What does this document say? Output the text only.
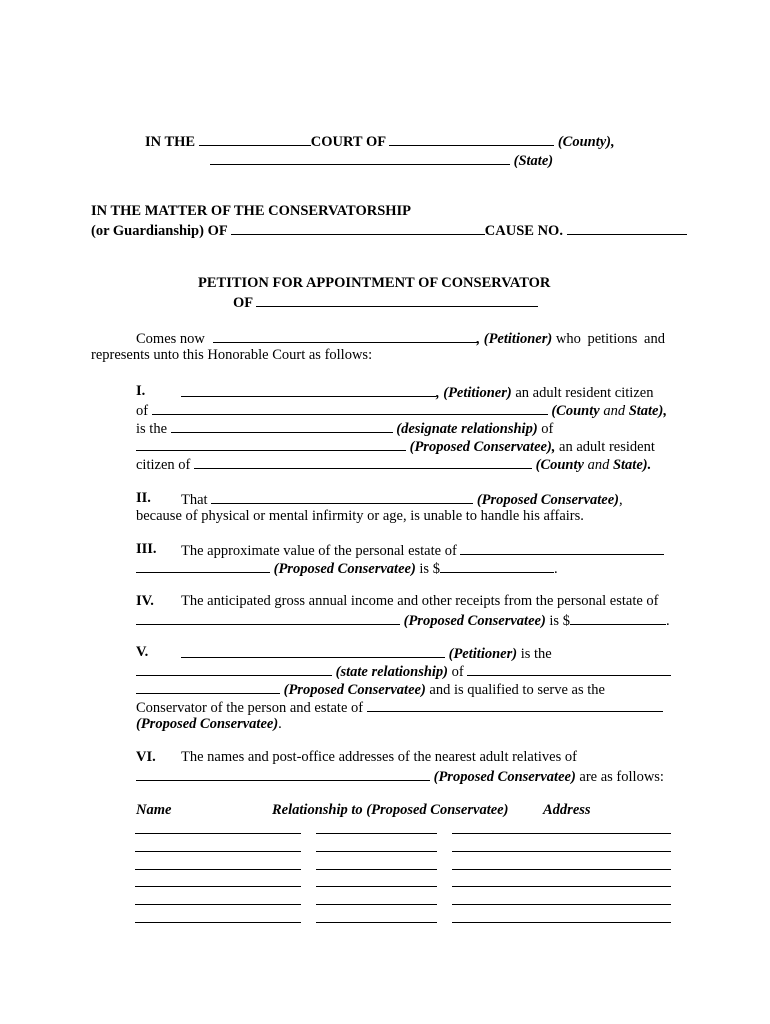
IN THE	COURT OF	(County),
(State)
IN THE MATTER OF THE CONSERVATORSHIP
(or Guardianship) OF	CAUSE NO.
PETITION FOR APPOINTMENT OF CONSERVATOR
OF
Comes now	, (Petitioner) who petitions and
represents unto this Honorable Court as follows:
I.	, (Petitioner) an adult resident citizen
of	(County and State),
is the	(designate relationship) of
(Proposed Conservatee), an adult resident
citizen of	(County and State).
II. That	(Proposed Conservatee),
because of physical or mental infirmity or age, is unable to handle his affairs.
III. The approximate value of the personal estate of
(Proposed Conservatee) is $	.
IV. The anticipated gross annual income and other receipts from the personal estate of
(Proposed Conservatee) is $	.
V.	(Petitioner) is the
(state relationship) of
(Proposed Conservatee) and is qualified to serve as the
Conservator of the person and estate of
(Proposed Conservatee).
VI. The names and post-office addresses of the nearest adult relatives of
(Proposed Conservatee) are as follows:
Name	Relationship to (Proposed Conservatee) Address
